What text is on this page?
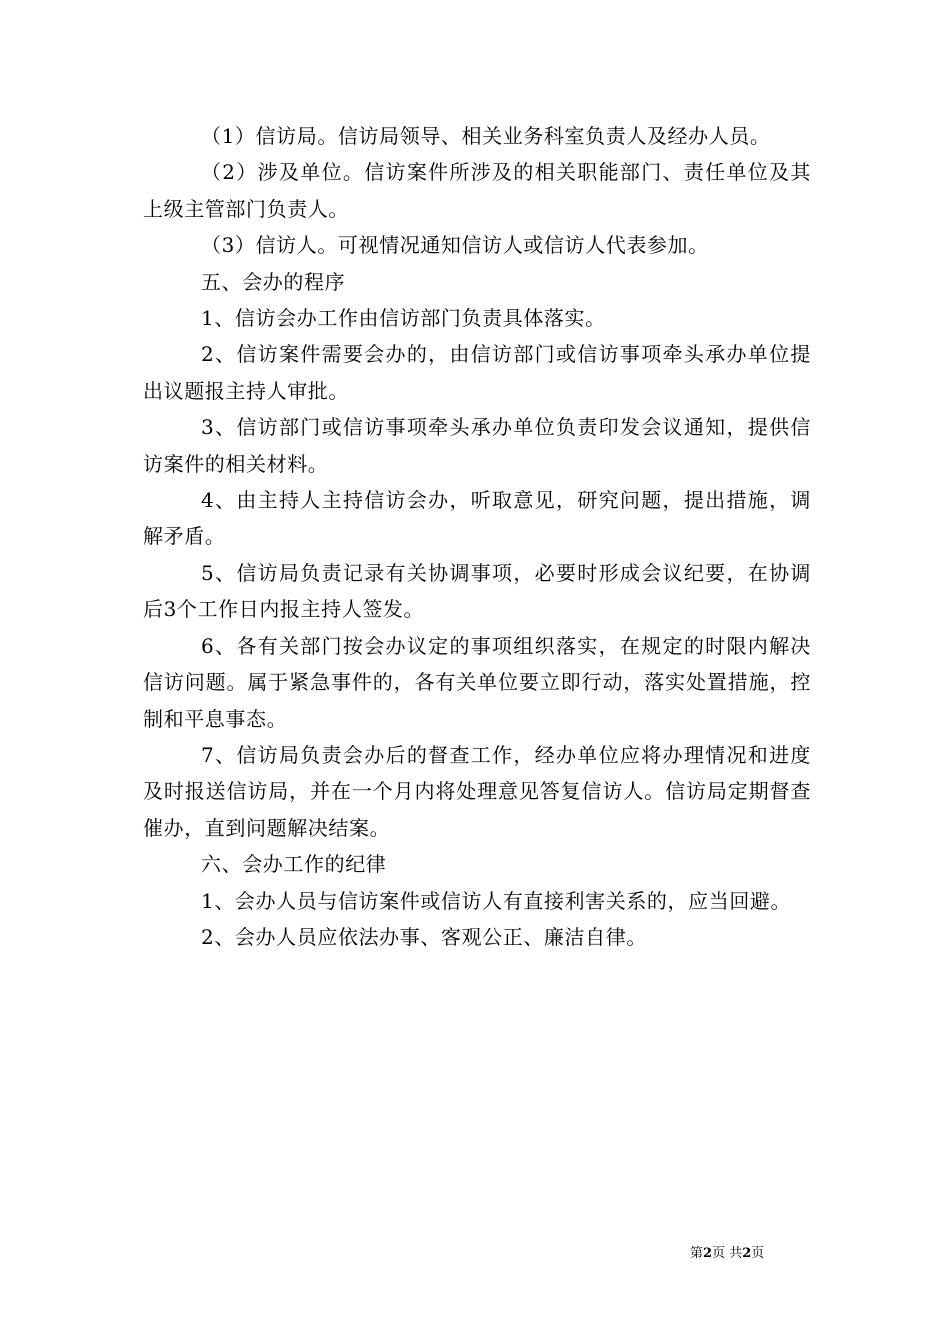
（1）信访局。信访局领导、相关业务科室负责人及经办人员。

（2）涉及单位。信访案件所涉及的相关职能部门、责任单位及其上级主管部门负责人。

（3）信访人。可视情况通知信访人或信访人代表参加。

五、会办的程序

1、信访会办工作由信访部门负责具体落实。

2、信访案件需要会办的，由信访部门或信访事项牵头承办单位提出议题报主持人审批。

3、信访部门或信访事项牵头承办单位负责印发会议通知，提供信访案件的相关材料。

4、由主持人主持信访会办，听取意见，研究问题，提出措施，调解矛盾。

5、信访局负责记录有关协调事项，必要时形成会议纪要，在协调后3个工作日内报主持人签发。

6、各有关部门按会办议定的事项组织落实，在规定的时限内解决信访问题。属于紧急事件的，各有关单位要立即行动，落实处置措施，控制和平息事态。

7、信访局负责会办后的督查工作，经办单位应将办理情况和进度及时报送信访局，并在一个月内将处理意见答复信访人。信访局定期督查催办，直到问题解决结案。

六、会办工作的纪律

1、会办人员与信访案件或信访人有直接利害关系的，应当回避。

2、会办人员应依法办事、客观公正、廉洁自律。

第2页 共2页
